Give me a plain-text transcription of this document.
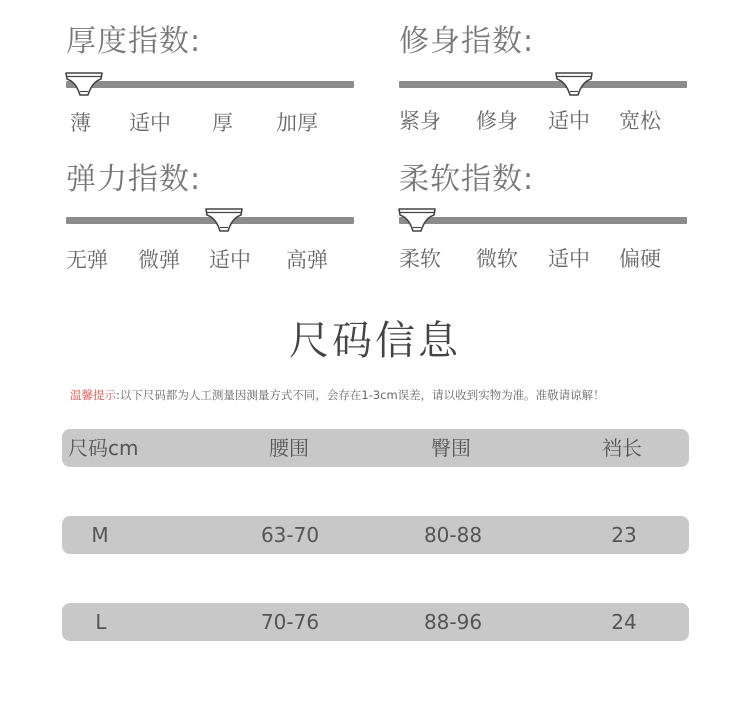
厚度指数:
薄 适中 厚 加厚
修身指数:
紧身 修身 适中 宽松
弹力指数:
无弹 微弹 适中 高弹
柔软指数:
柔软 微软 适中 偏硬
尺码信息
温馨提示:以下尺码都为人工测量因测量方式不同，会存在1-3cm误差，请以收到实物为准。准敬请谅解！
尺码cm	腰围	臀围	裆长
M	63-70	80-88	23
L	70-76	88-96	24
